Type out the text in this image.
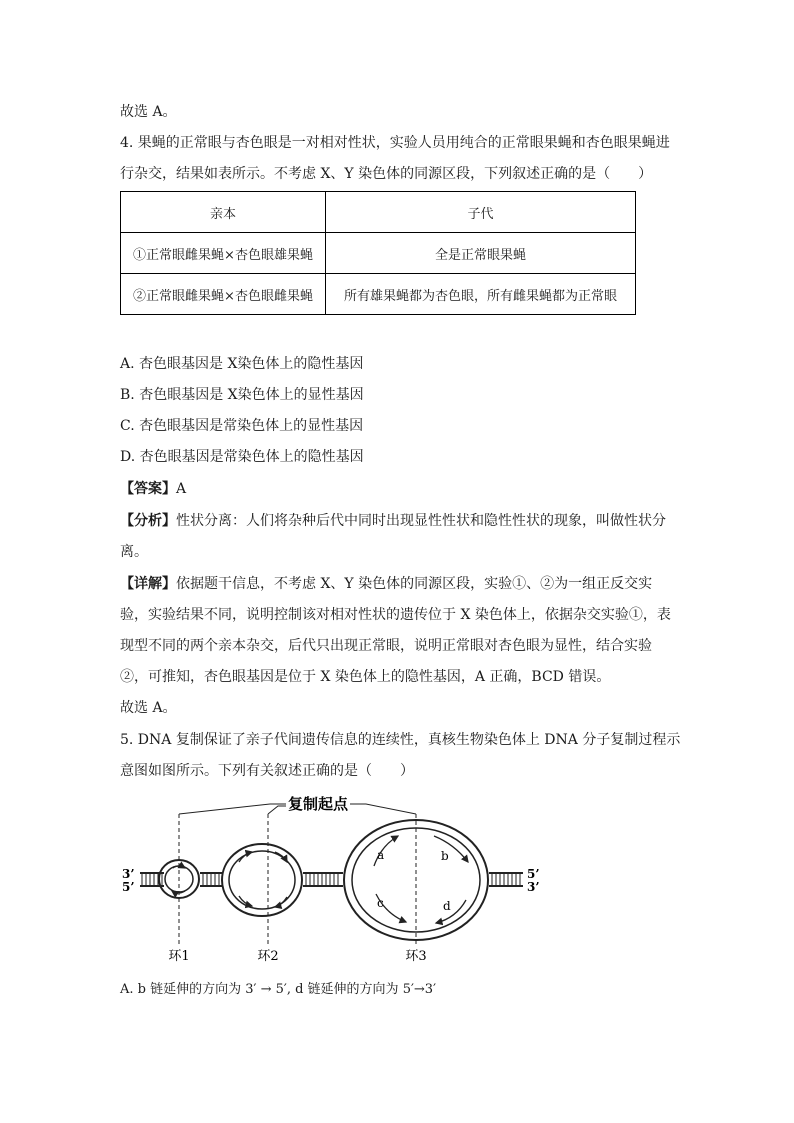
故选 A。
4. 果蝇的正常眼与杏色眼是一对相对性状，实验人员用纯合的正常眼果蝇和杏色眼果蝇进
行杂交，结果如表所示。不考虑 X、Y 染色体的同源区段，下列叙述正确的是（　　）
亲本	子代
①正常眼雌果蝇×杏色眼雄果蝇	全是正常眼果蝇
②正常眼雌果蝇×杏色眼雌果蝇	所有雄果蝇都为杏色眼，所有雌果蝇都为正常眼
A. 杏色眼基因是 X染色体上的隐性基因
B. 杏色眼基因是 X染色体上的显性基因
C. 杏色眼基因是常染色体上的显性基因
D. 杏色眼基因是常染色体上的隐性基因
【答案】A
【分析】性状分离：人们将杂种后代中同时出现显性性状和隐性性状的现象，叫做性状分
离。
【详解】依据题干信息，不考虑 X、Y 染色体的同源区段，实验①、②为一组正反交实
验，实验结果不同，说明控制该对相对性状的遗传位于 X 染色体上，依据杂交实验①，表
现型不同的两个亲本杂交，后代只出现正常眼，说明正常眼对杏色眼为显性，结合实验
②，可推知，杏色眼基因是位于 X 染色体上的隐性基因，A 正确，BCD 错误。
故选 A。
5. DNA 复制保证了亲子代间遗传信息的连续性，真核生物染色体上 DNA 分子复制过程示
意图如图所示。下列有关叙述正确的是（　　）
复制起点
3’
5’
5’
3’
a	b
c	d
环1	环2	环3
A. b 链延伸的方向为 3′ → 5′, d 链延伸的方向为 5′→3′
